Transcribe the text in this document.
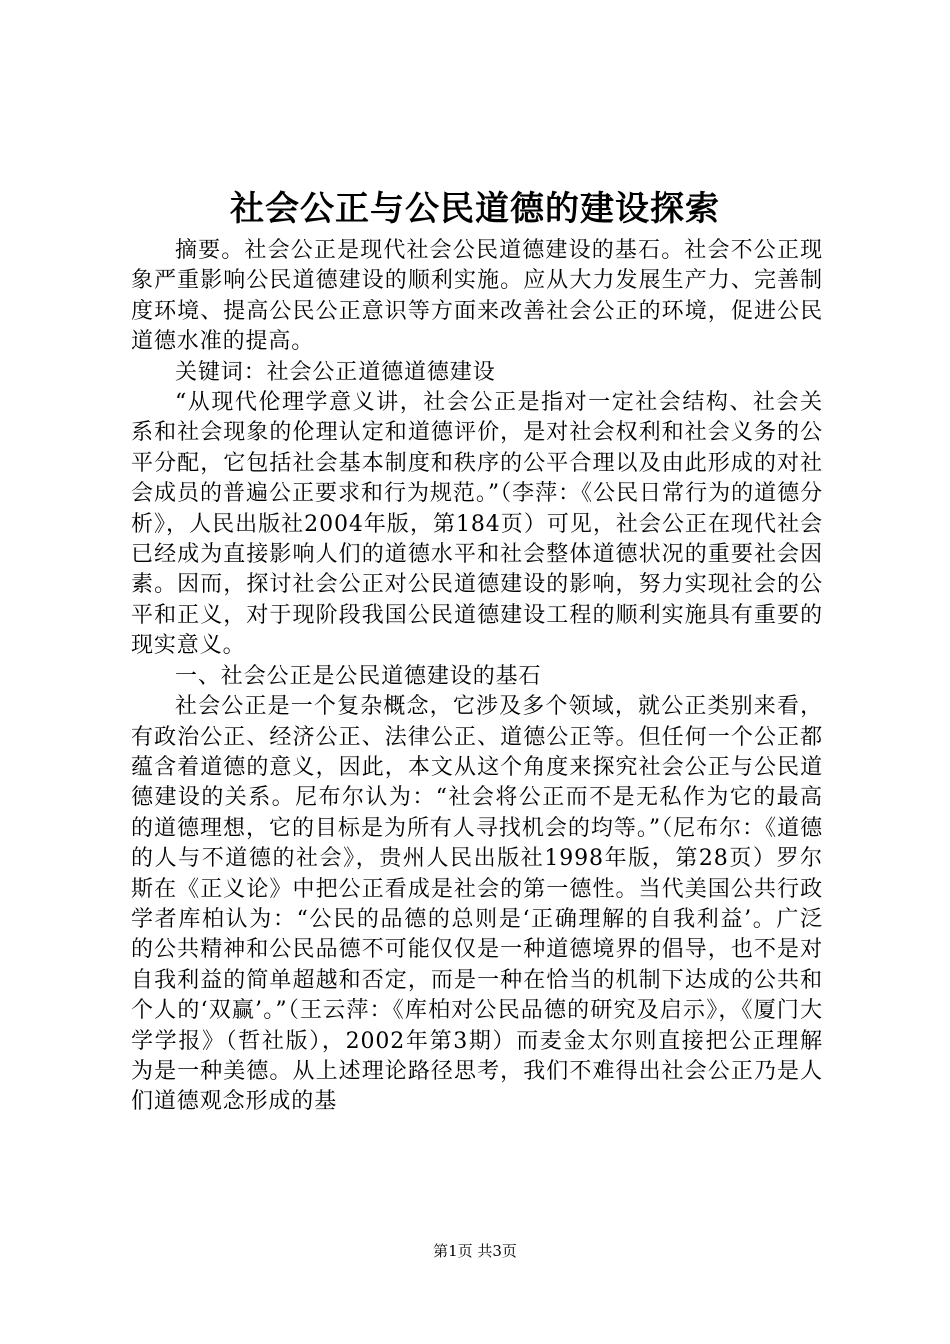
社会公正与公民道德的建设探索

摘要。社会公正是现代社会公民道德建设的基石。社会不公正现象严重影响公民道德建设的顺利实施。应从大力发展生产力、完善制度环境、提高公民公正意识等方面来改善社会公正的环境，促进公民道德水准的提高。

关键词：社会公正道德道德建设

“从现代伦理学意义讲，社会公正是指对一定社会结构、社会关系和社会现象的伦理认定和道德评价，是对社会权利和社会义务的公平分配，它包括社会基本制度和秩序的公平合理以及由此形成的对社会成员的普遍公正要求和行为规范。”（李萍：《公民日常行为的道德分析》，人民出版社2004年版，第184页）可见，社会公正在现代社会已经成为直接影响人们的道德水平和社会整体道德状况的重要社会因素。因而，探讨社会公正对公民道德建设的影响，努力实现社会的公平和正义，对于现阶段我国公民道德建设工程的顺利实施具有重要的现实意义。

一、社会公正是公民道德建设的基石

社会公正是一个复杂概念，它涉及多个领域，就公正类别来看，有政治公正、经济公正、法律公正、道德公正等。但任何一个公正都蕴含着道德的意义，因此，本文从这个角度来探究社会公正与公民道德建设的关系。尼布尔认为：“社会将公正而不是无私作为它的最高的道德理想，它的目标是为所有人寻找机会的均等。”（尼布尔：《道德的人与不道德的社会》，贵州人民出版社1998年版，第28页）罗尔斯在《正义论》中把公正看成是社会的第一德性。当代美国公共行政学者库柏认为：“公民的品德的总则是‘正确理解的自我利益’。广泛的公共精神和公民品德不可能仅仅是一种道德境界的倡导，也不是对自我利益的简单超越和否定，而是一种在恰当的机制下达成的公共和个人的‘双赢’。”（王云萍：《库柏对公民品德的研究及启示》，《厦门大学学报》（哲社版），2002年第3期）而麦金太尔则直接把公正理解为是一种美德。从上述理论路径思考，我们不难得出社会公正乃是人们道德观念形成的基

第1页 共3页
